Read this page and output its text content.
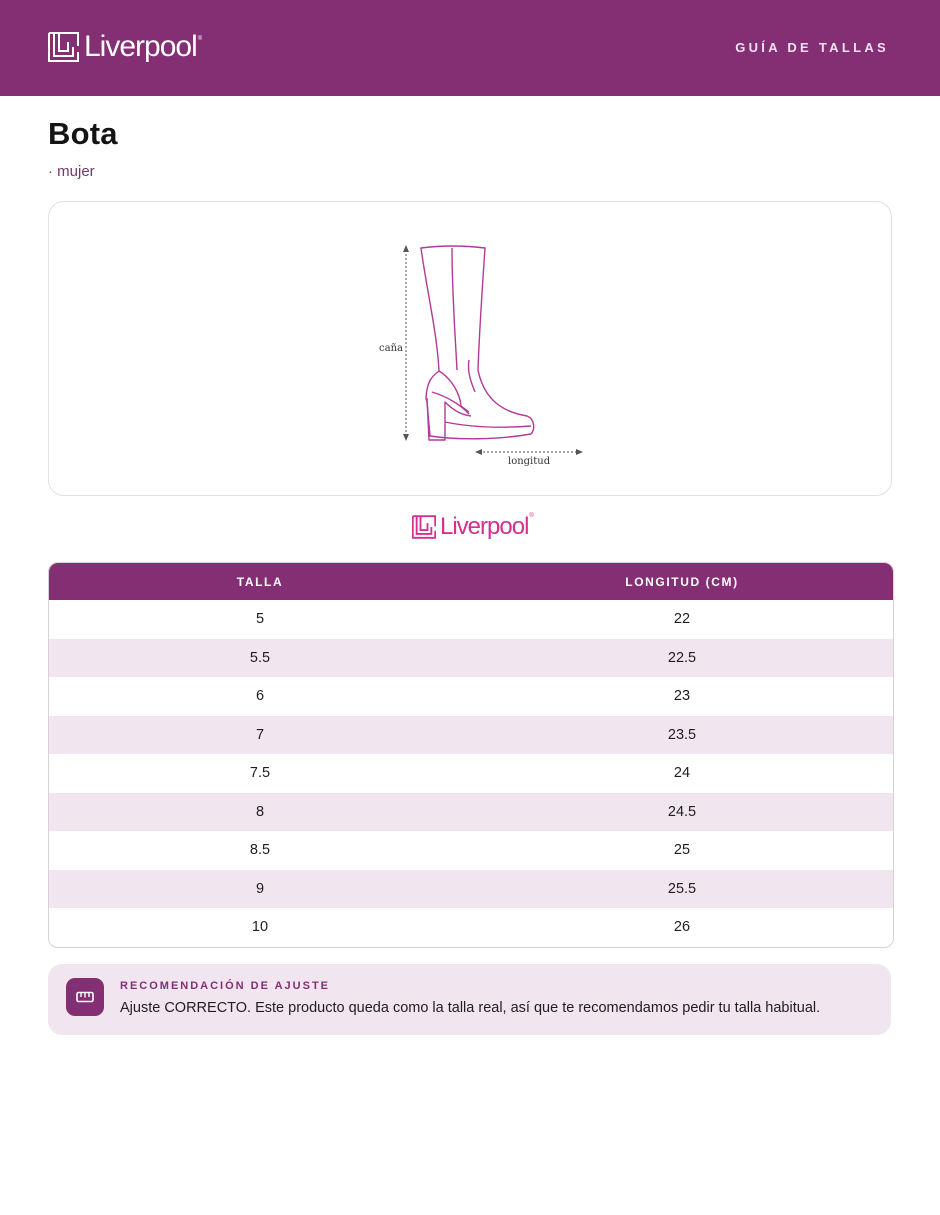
Liverpool ®
GUÍA DE TALLAS
Bota
· mujer
caña
longitud
Liverpool ®
TALLA	LONGITUD (CM)
5	22
5.5	22.5
6	23
7	23.5
7.5	24
8	24.5
8.5	25
9	25.5
10	26
RECOMENDACIÓN DE AJUSTE
Ajuste CORRECTO. Este producto queda como la talla real, así que te recomendamos pedir tu talla habitual.
